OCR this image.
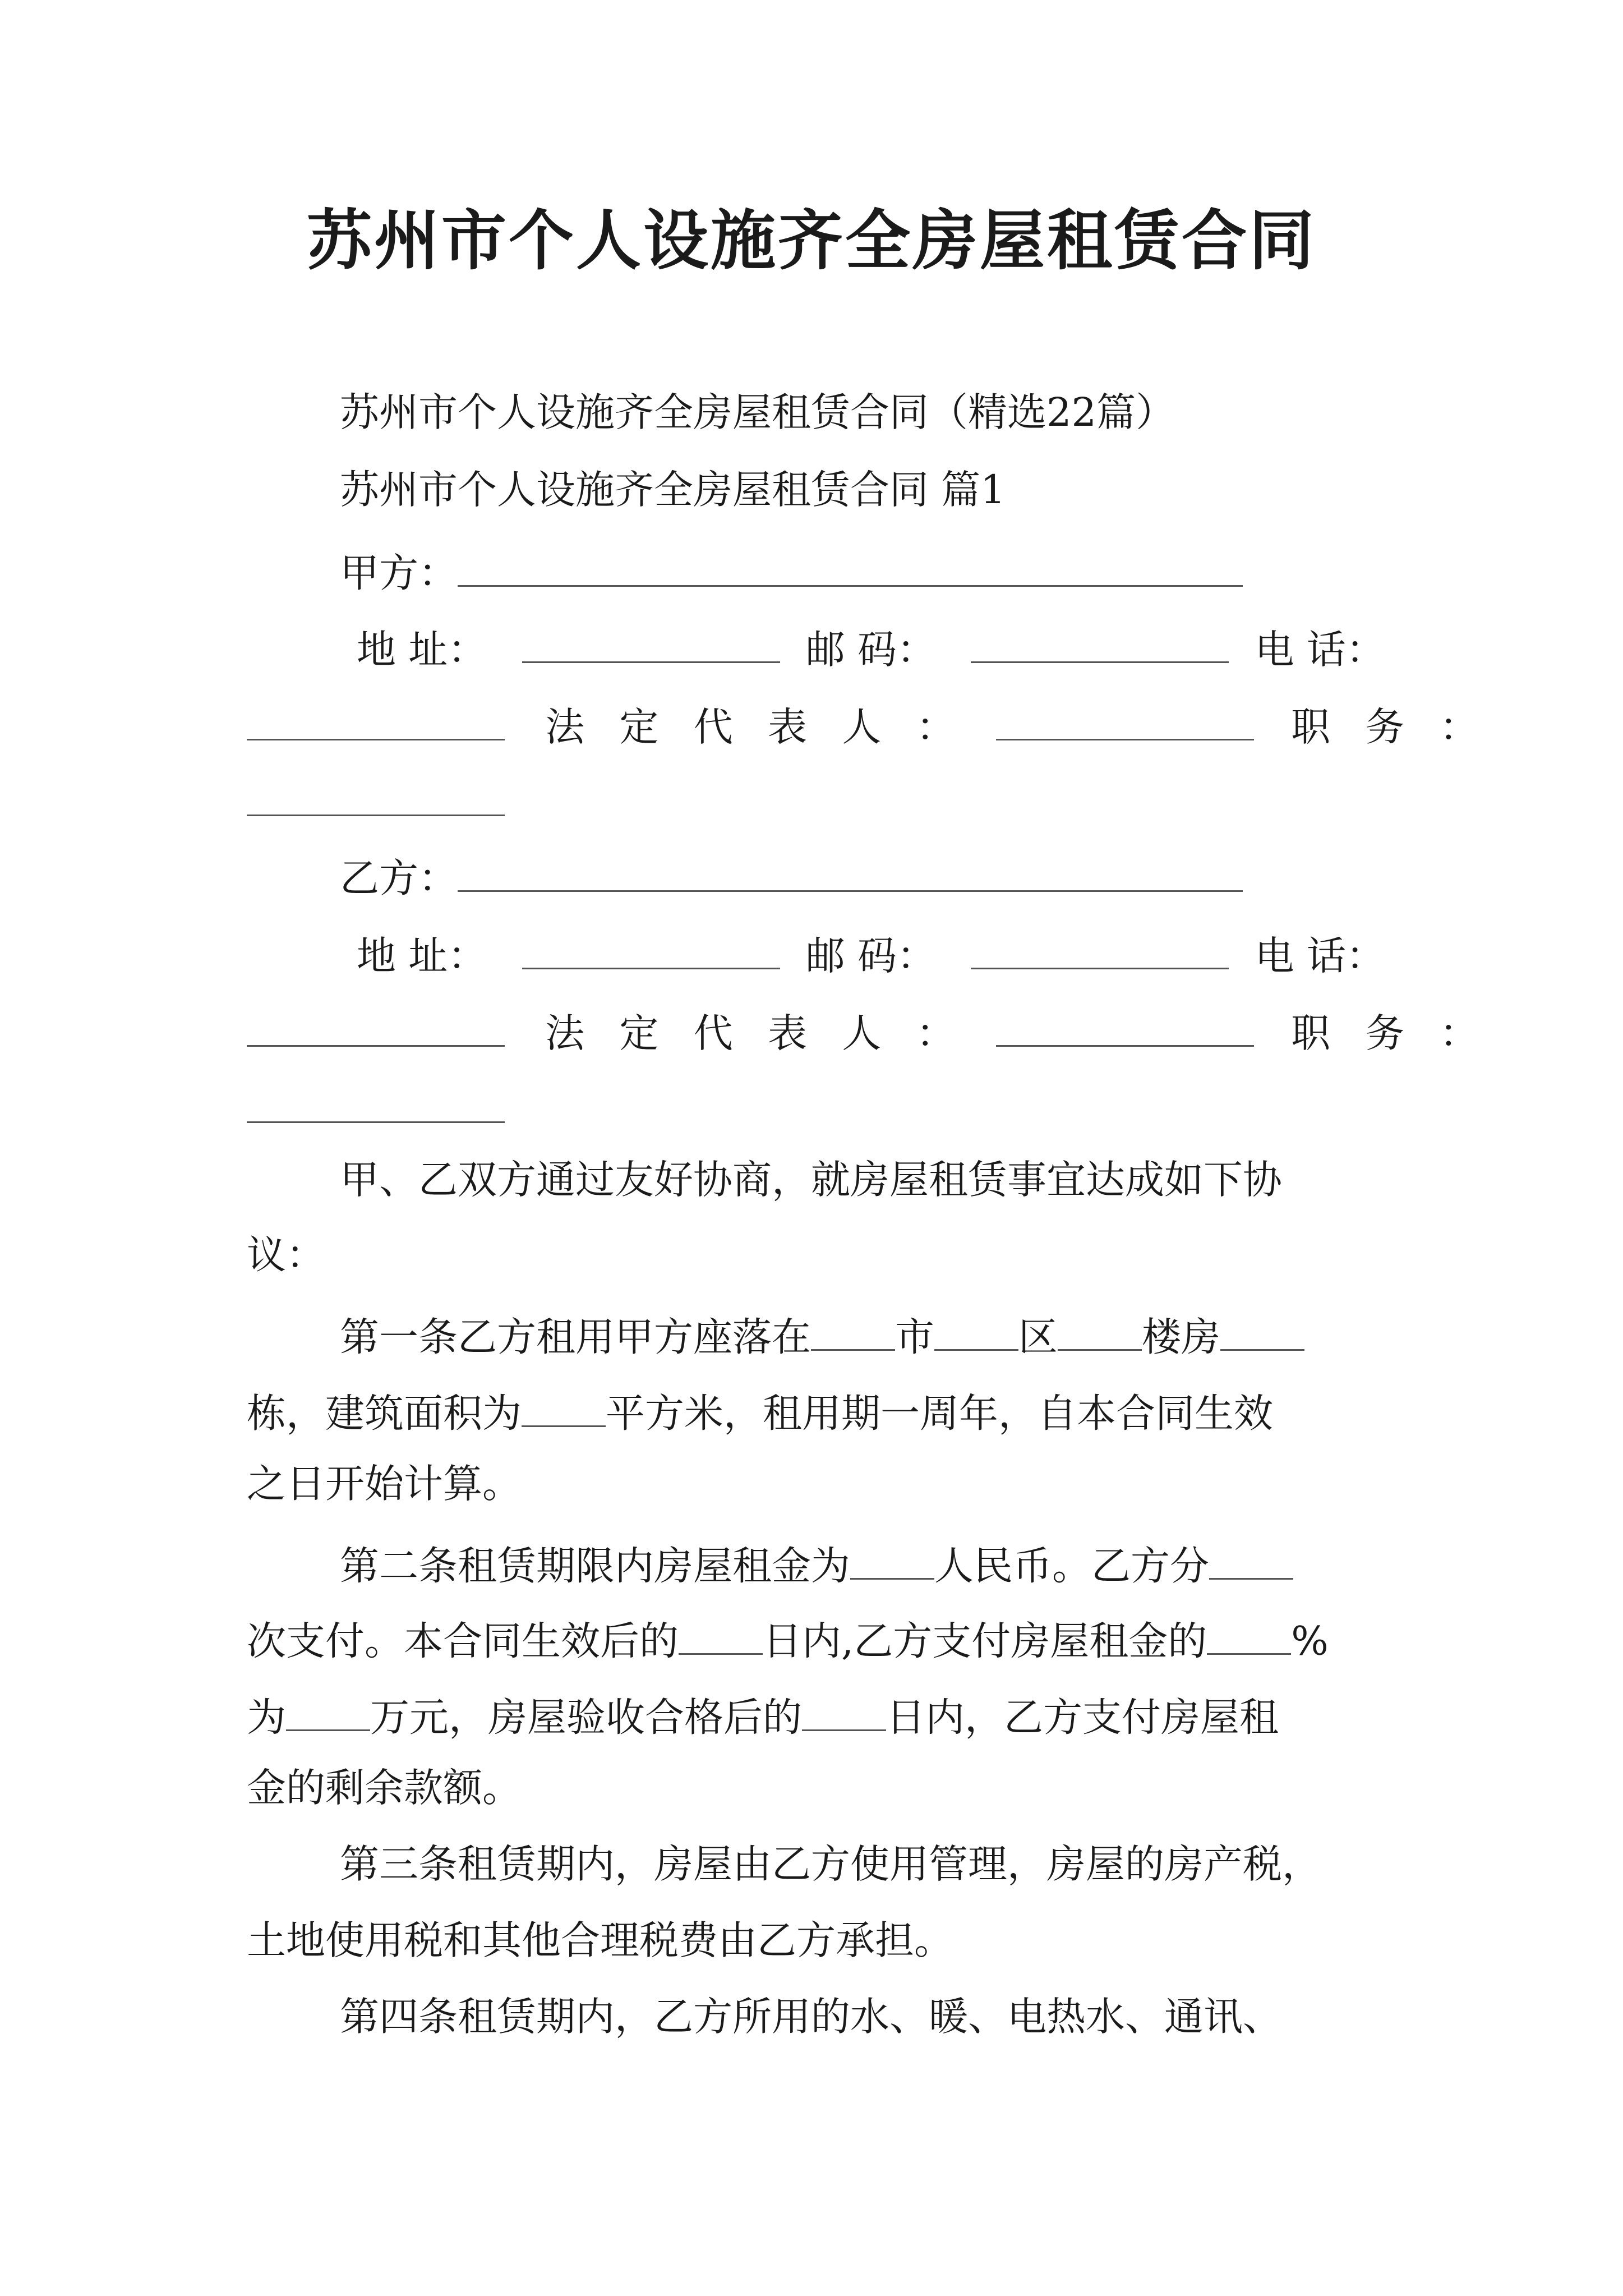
苏州市个人设施齐全房屋租赁合同
苏州市个人设施齐全房屋租赁合同（精选22篇）
苏州市个人设施齐全房屋租赁合同 篇1
甲方：
地 址：	邮 码：	电 话：
法 定 代 表 人 ：	职 务 ：
乙方：
地 址：	邮 码：	电 话：
法 定 代 表 人 ：	职 务 ：
甲、乙双方通过友好协商，就房屋租赁事宜达成如下协
议：
第一条乙方租用甲方座落在 市 区 楼房
栋，建筑面积为 平方米，租用期一周年，自本合同生效
之日开始计算。
第二条租赁期限内房屋租金为 人民币。乙方分
次支付。本合同生效后的 日内,乙方支付房屋租金的 %
为 万元，房屋验收合格后的 日内，乙方支付房屋租
金的剩余款额。
第三条租赁期内，房屋由乙方使用管理，房屋的房产税，
土地使用税和其他合理税费由乙方承担。
第四条租赁期内，乙方所用的水、暖、电热水、通讯、
